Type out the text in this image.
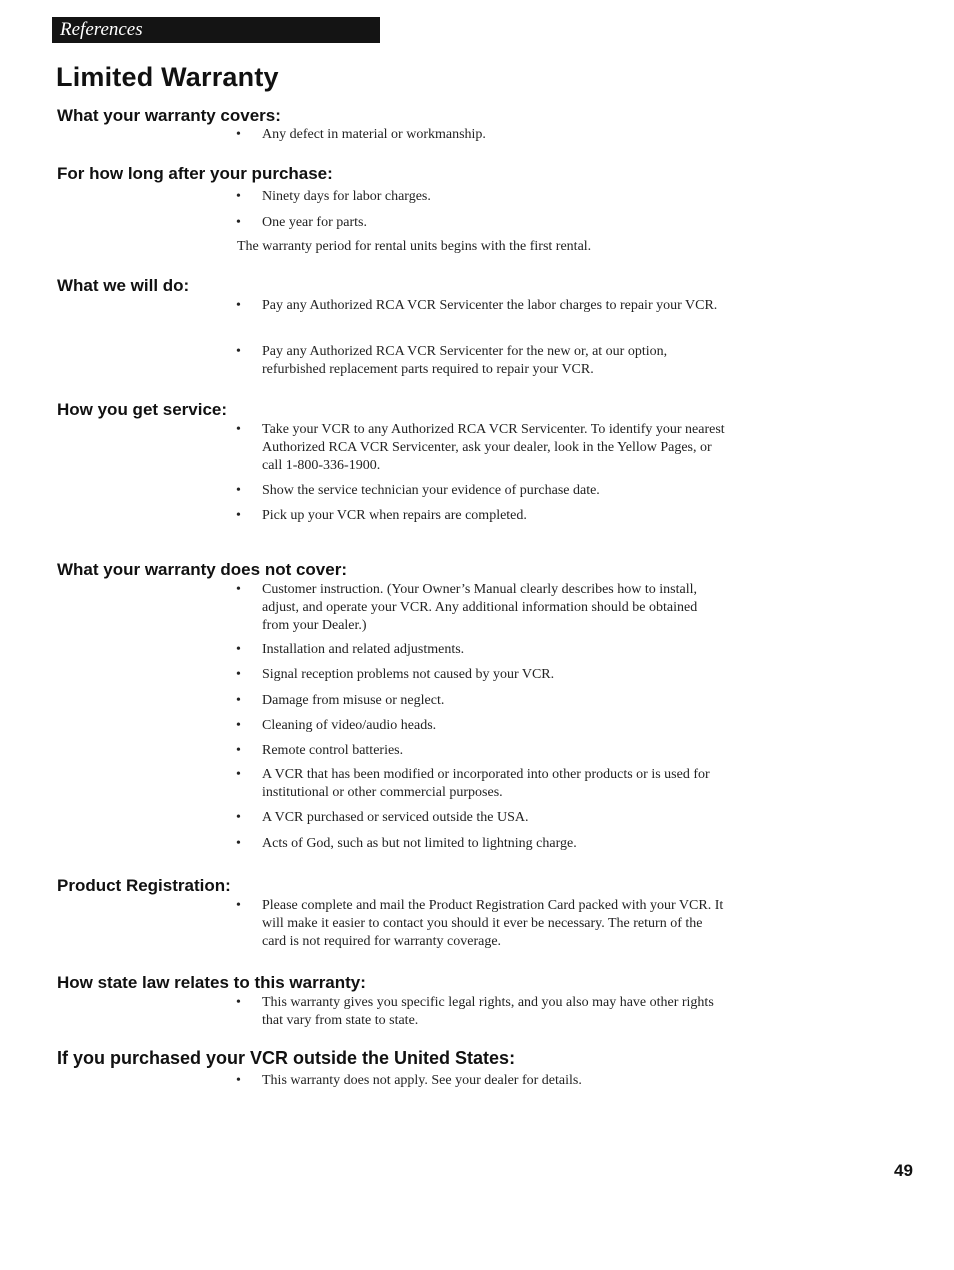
References
Limited Warranty
What your warranty covers:
• Any defect in material or workmanship.
For how long after your purchase:
• Ninety days for labor charges.
• One year for parts.
The warranty period for rental units begins with the first rental.
What we will do:
• Pay any Authorized RCA VCR Servicenter the labor charges to repair your VCR.
• Pay any Authorized RCA VCR Servicenter for the new or, at our option, refurbished replacement parts required to repair your VCR.
How you get service:
• Take your VCR to any Authorized RCA VCR Servicenter. To identify your nearest Authorized RCA VCR Servicenter, ask your dealer, look in the Yellow Pages, or call 1-800-336-1900.
• Show the service technician your evidence of purchase date.
• Pick up your VCR when repairs are completed.
What your warranty does not cover:
• Customer instruction. (Your Owner’s Manual clearly describes how to install, adjust, and operate your VCR. Any additional information should be obtained from your Dealer.)
• Installation and related adjustments.
• Signal reception problems not caused by your VCR.
• Damage from misuse or neglect.
• Cleaning of video/audio heads.
• Remote control batteries.
• A VCR that has been modified or incorporated into other products or is used for institutional or other commercial purposes.
• A VCR purchased or serviced outside the USA.
• Acts of God, such as but not limited to lightning charge.
Product Registration:
• Please complete and mail the Product Registration Card packed with your VCR. It will make it easier to contact you should it ever be necessary. The return of the card is not required for warranty coverage.
How state law relates to this warranty:
• This warranty gives you specific legal rights, and you also may have other rights that vary from state to state.
If you purchased your VCR outside the United States:
• This warranty does not apply. See your dealer for details.
49
